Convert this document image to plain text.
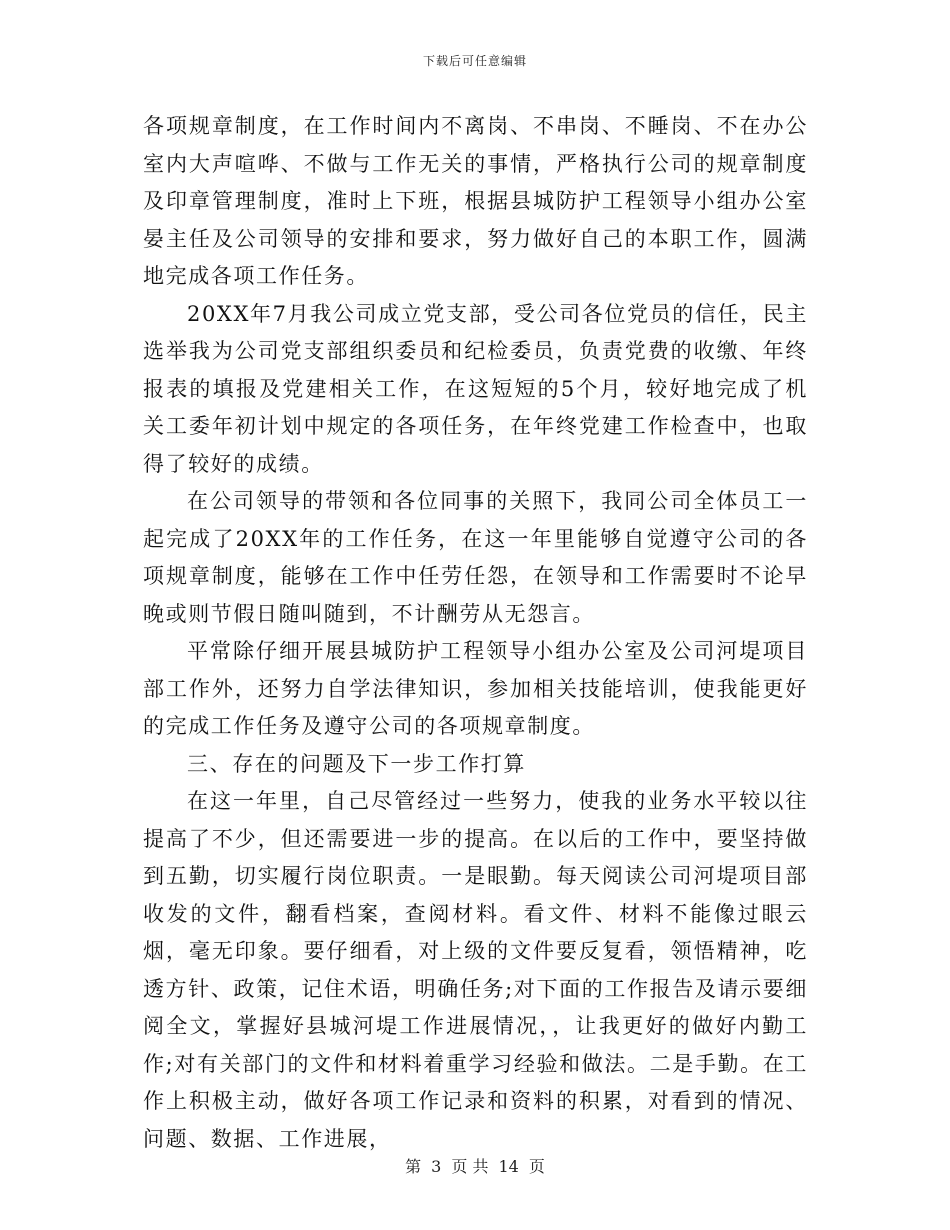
下载后可任意编辑

各项规章制度，在工作时间内不离岗、不串岗、不睡岗、不在办公室内大声喧哗、不做与工作无关的事情，严格执行公司的规章制度及印章管理制度，准时上下班，根据县城防护工程领导小组办公室晏主任及公司领导的安排和要求，努力做好自己的本职工作，圆满地完成各项工作任务。

20XX年7月我公司成立党支部，受公司各位党员的信任，民主选举我为公司党支部组织委员和纪检委员，负责党费的收缴、年终报表的填报及党建相关工作，在这短短的5个月，较好地完成了机关工委年初计划中规定的各项任务，在年终党建工作检查中，也取得了较好的成绩。

在公司领导的带领和各位同事的关照下，我同公司全体员工一起完成了20XX年的工作任务，在这一年里能够自觉遵守公司的各项规章制度，能够在工作中任劳任怨，在领导和工作需要时不论早晚或则节假日随叫随到，不计酬劳从无怨言。

平常除仔细开展县城防护工程领导小组办公室及公司河堤项目部工作外，还努力自学法律知识，参加相关技能培训，使我能更好的完成工作任务及遵守公司的各项规章制度。

三、存在的问题及下一步工作打算

在这一年里，自己尽管经过一些努力，使我的业务水平较以往提高了不少，但还需要进一步的提高。在以后的工作中，要坚持做到五勤，切实履行岗位职责。一是眼勤。每天阅读公司河堤项目部收发的文件，翻看档案，查阅材料。看文件、材料不能像过眼云烟，毫无印象。要仔细看，对上级的文件要反复看，领悟精神，吃透方针、政策，记住术语，明确任务;对下面的工作报告及请示要细阅全文，掌握好县城河堤工作进展情况，，让我更好的做好内勤工作;对有关部门的文件和材料着重学习经验和做法。二是手勤。在工作上积极主动，做好各项工作记录和资料的积累，对看到的情况、问题、数据、工作进展，

第 3 页 共 14 页
